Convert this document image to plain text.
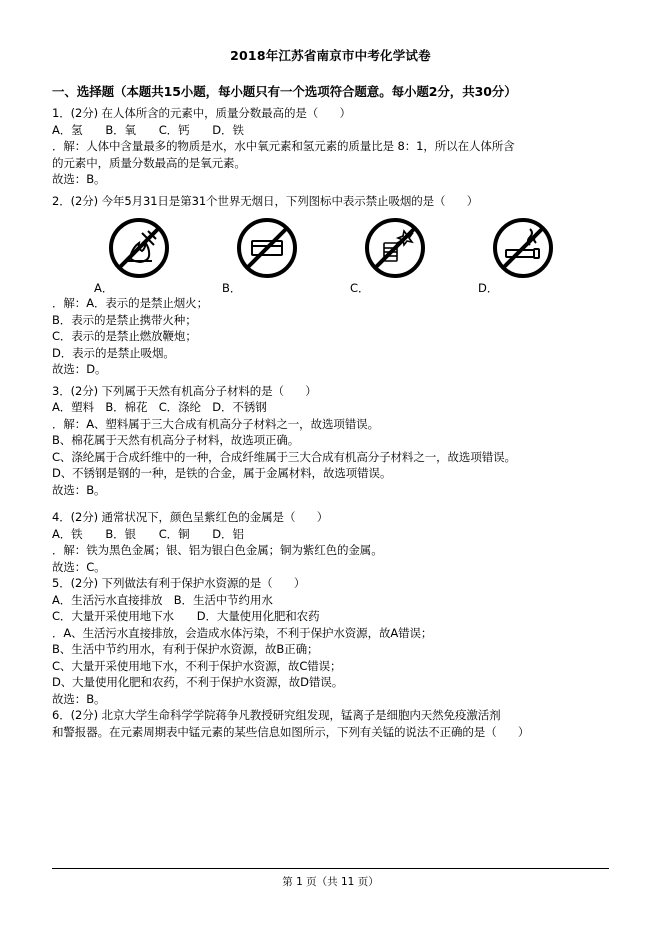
2018年江苏省南京市中考化学试卷
一、选择题（本题共15小题，每小题只有一个选项符合题意。每小题2分，共30分）
1．(2分) 在人体所含的元素中，质量分数最高的是（      ）
A．氢　　B．氧　　C．钙　　D．铁
．解：人体中含量最多的物质是水，水中氧元素和氢元素的质量比是 8：1，所以在人体所含
的元素中，质量分数最高的是氧元素。
故选：B。
2．(2分) 今年5月31日是第31个世界无烟日，下列图标中表示禁止吸烟的是（      ）
A．	B．	C．	D．
．解：A．表示的是禁止烟火；
B．表示的是禁止携带火种；
C．表示的是禁止燃放鞭炮；
D．表示的是禁止吸烟。
故选：D。
3．(2分) 下列属于天然有机高分子材料的是（      ）
A．塑料　B．棉花　C．涤纶　D．不锈钢
．解：A、塑料属于三大合成有机高分子材料之一，故选项错误。
B、棉花属于天然有机高分子材料，故选项正确。
C、涤纶属于合成纤维中的一种，合成纤维属于三大合成有机高分子材料之一，故选项错误。
D、不锈钢是钢的一种，是铁的合金，属于金属材料，故选项错误。
故选：B。
4．(2分) 通常状况下，颜色呈紫红色的金属是（      ）
A．铁　　B．银　　C．铜　　D．铝
．解：铁为黑色金属；银、铝为银白色金属；铜为紫红色的金属。
故选：C。
5．(2分) 下列做法有利于保护水资源的是（      ）
A．生活污水直接排放　B．生活中节约用水
C．大量开采使用地下水　　D．大量使用化肥和农药
．A、生活污水直接排放，会造成水体污染，不利于保护水资源，故A错误；
B、生活中节约用水，有利于保护水资源，故B正确；
C、大量开采使用地下水，不利于保护水资源，故C错误；
D、大量使用化肥和农药，不利于保护水资源，故D错误。
故选：B。
6．(2分) 北京大学生命科学学院蒋争凡教授研究组发现，锰离子是细胞内天然免疫激活剂
和警报器。在元素周期表中锰元素的某些信息如图所示，下列有关锰的说法不正确的是（      ）
第 1 页（共 11 页）
